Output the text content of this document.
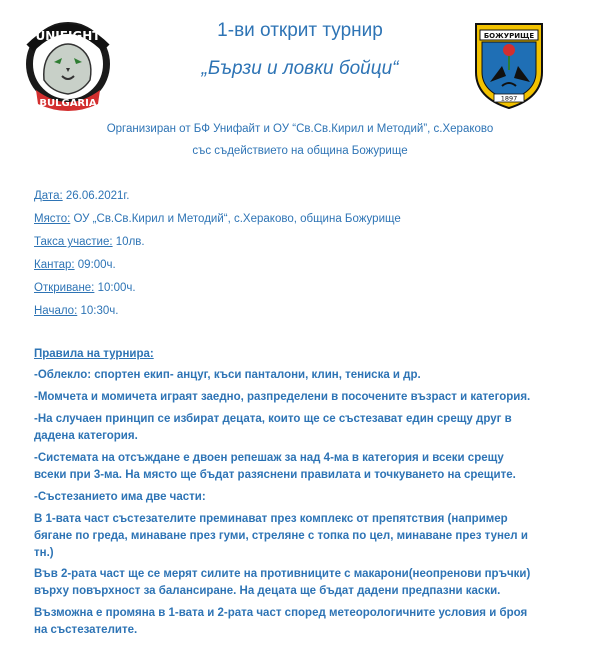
UNIFIGHT
BULGARIA
1-ви открит турнир
„Бързи и ловки бойци“
БОЖУРИЩЕ
1897
Организиран от БФ Унифайт и ОУ “Св.Св.Кирил и Методий”, с.Хераково
със съдействието на община Божурище
Дата: 26.06.2021г.
Място: ОУ „Св.Св.Кирил и Методий“, с.Хераково, община Божурище
Такса участие: 10лв.
Кантар: 09:00ч.
Откриване: 10:00ч.
Начало: 10:30ч.
Правила на турнира:
-Облекло: спортен екип- анцуг, къси панталони, клин, тениска и др.
-Момчета и момичета играят заедно, разпределени в посочените възраст и категория.
-На случаен принцип се избират децата, които ще се състезават един срещу друг в дадена категория.
-Системата на отсъждане е двоен репешаж за над 4-ма в категория и всеки срещу всеки при 3-ма. На място ще бъдат разяснени правилата и точкуването на срещите.
-Състезанието има две части:
В 1-вата част състезателите преминават през комплекс от препятствия (например бягане по греда, минаване през гуми, стреляне с топка по цел, минаване през тунел и тн.)
Във 2-рата част ще се мерят силите на противниците с макарони(неопренови пръчки) върху повърхност за балансиране. На децата ще бъдат дадени предпазни каски.
Възможна е промяна в 1-вата и 2-рата част според метеорологичните условия и броя на състезателите.
